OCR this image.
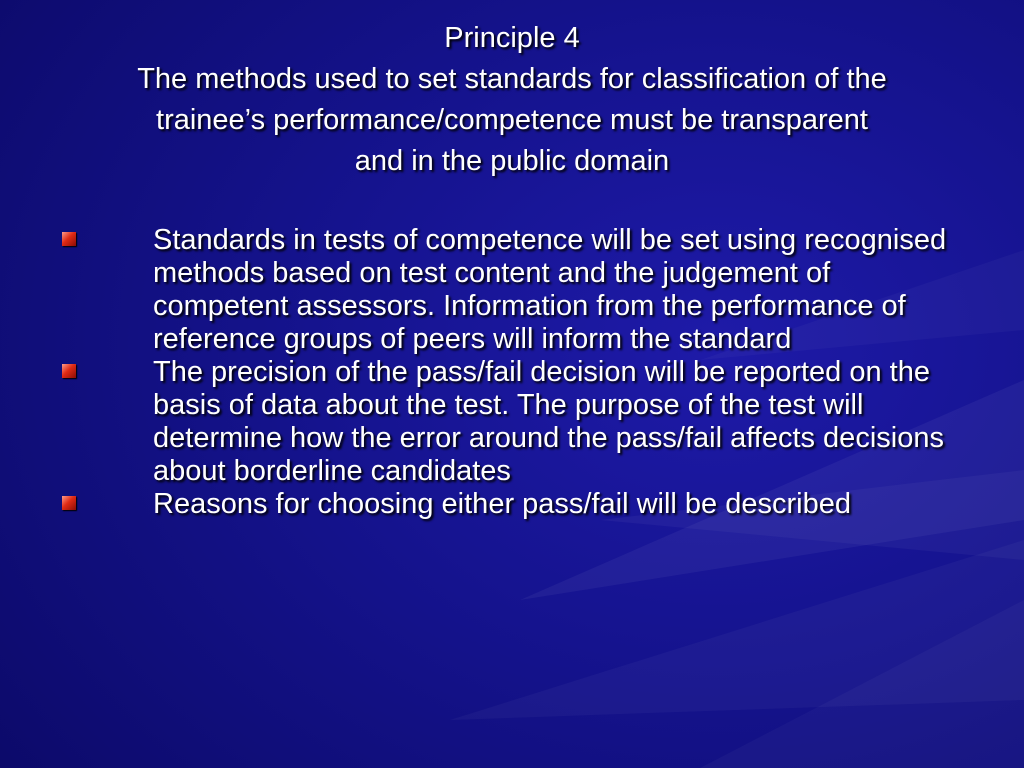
Principle 4
The methods used to set standards for classification of the
trainee’s performance/competence must be transparent
and in the public domain
Standards in tests of competence will be set using recognised methods based on test content and the judgement of competent assessors. Information from the performance of reference groups of peers will inform the standard
The precision of the pass/fail decision will be reported on the basis of data about the test. The purpose of the test will determine how the error around the pass/fail affects decisions about borderline candidates
Reasons for choosing either pass/fail will be described
